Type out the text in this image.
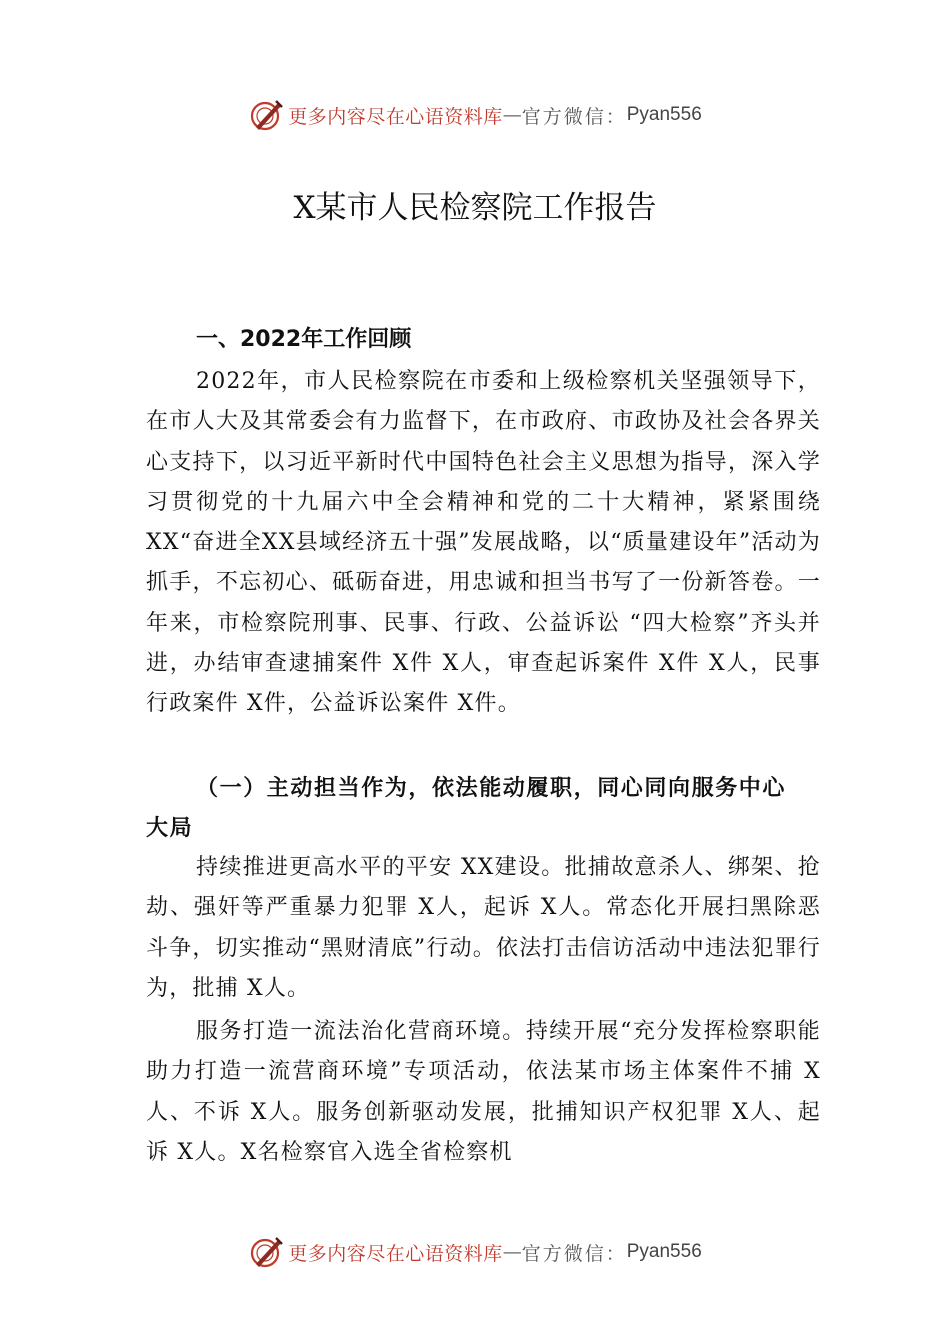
更多内容尽在心语资料库 — 官方微信： Pyan556
X某市人民检察院工作报告
一、2022年工作回顾

2022年，市人民检察院在市委和上级检察机关坚强领导下，在市人大及其常委会有力监督下，在市政府、市政协及社会各界关心支持下，以习近平新时代中国特色社会主义思想为指导，深入学习贯彻党的十九届六中全会精神和党的二十大精神，紧紧围绕 XX“奋进全XX县域经济五十强”发展战略，以“质量建设年”活动为抓手，不忘初心、砥砺奋进，用忠诚和担当书写了一份新答卷。一年来，市检察院刑事、民事、行政、公益诉讼 “四大检察”齐头并进，办结审查逮捕案件 X件 X人，审查起诉案件 X件 X人，民事行政案件 X件，公益诉讼案件 X件。

（一）主动担当作为，依法能动履职，同心同向服务中心大局

持续推进更高水平的平安 XX建设。批捕故意杀人、绑架、抢劫、强奸等严重暴力犯罪 X人，起诉 X人。常态化开展扫黑除恶斗争，切实推动“黑财清底”行动。依法打击信访活动中违法犯罪行为，批捕 X人。

服务打造一流法治化营商环境。持续开展“充分发挥检察职能助力打造一流营商环境”专项活动，依法某市场主体案件不捕 X人、不诉 X人。服务创新驱动发展，批捕知识产权犯罪 X人、起诉 X人。X名检察官入选全省检察机

更多内容尽在心语资料库 — 官方微信： Pyan556
